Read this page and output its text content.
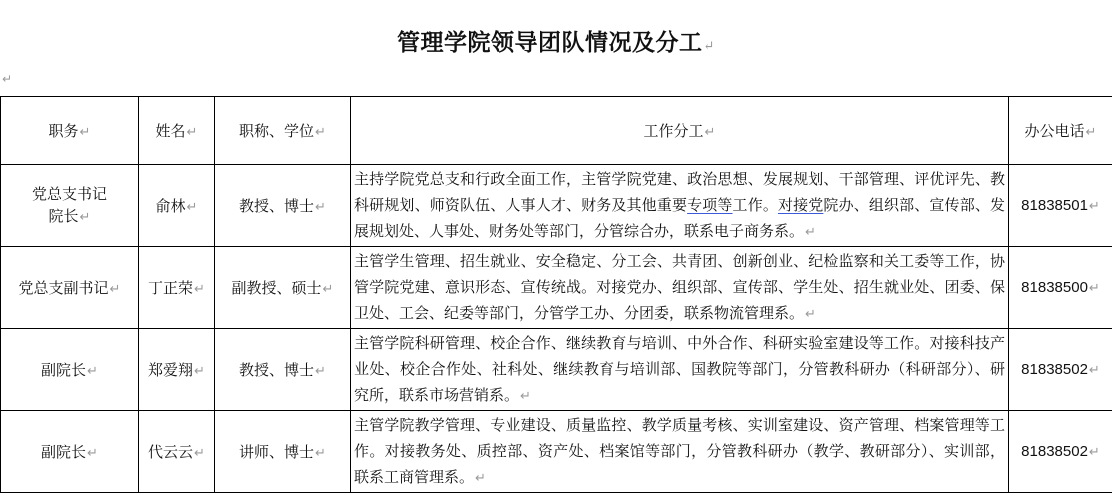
管理学院领导团队情况及分工↵
↵
职务↵	姓名↵	职称、学位↵	工作分工↵	办公电话↵
党总支书记
院长↵	俞林↵	教授、博士↵	主持学院党总支和行政全面工作，主管学院党建、政治思想、发展规划、干部管理、评优评先、教科研规划、师资队伍、人事人才、财务及其他重要专项等工作。对接党院办、组织部、宣传部、发展规划处、人事处、财务处等部门，分管综合办，联系电子商务系。↵	81838501↵
党总支副书记↵	丁正荣↵	副教授、硕士↵	主管学生管理、招生就业、安全稳定、分工会、共青团、创新创业、纪检监察和关工委等工作，协管学院党建、意识形态、宣传统战。对接党办、组织部、宣传部、学生处、招生就业处、团委、保卫处、工会、纪委等部门，分管学工办、分团委，联系物流管理系。↵	81838500↵
副院长↵	郑爱翔↵	教授、博士↵	主管学院科研管理、校企合作、继续教育与培训、中外合作、科研实验室建设等工作。对接科技产业处、校企合作处、社科处、继续教育与培训部、国教院等部门，分管教科研办（科研部分）、研究所，联系市场营销系。↵	81838502↵
副院长↵	代云云↵	讲师、博士↵	主管学院教学管理、专业建设、质量监控、教学质量考核、实训室建设、资产管理、档案管理等工作。对接教务处、质控部、资产处、档案馆等部门，分管教科研办（教学、教研部分）、实训部，联系工商管理系。↵	81838502↵
